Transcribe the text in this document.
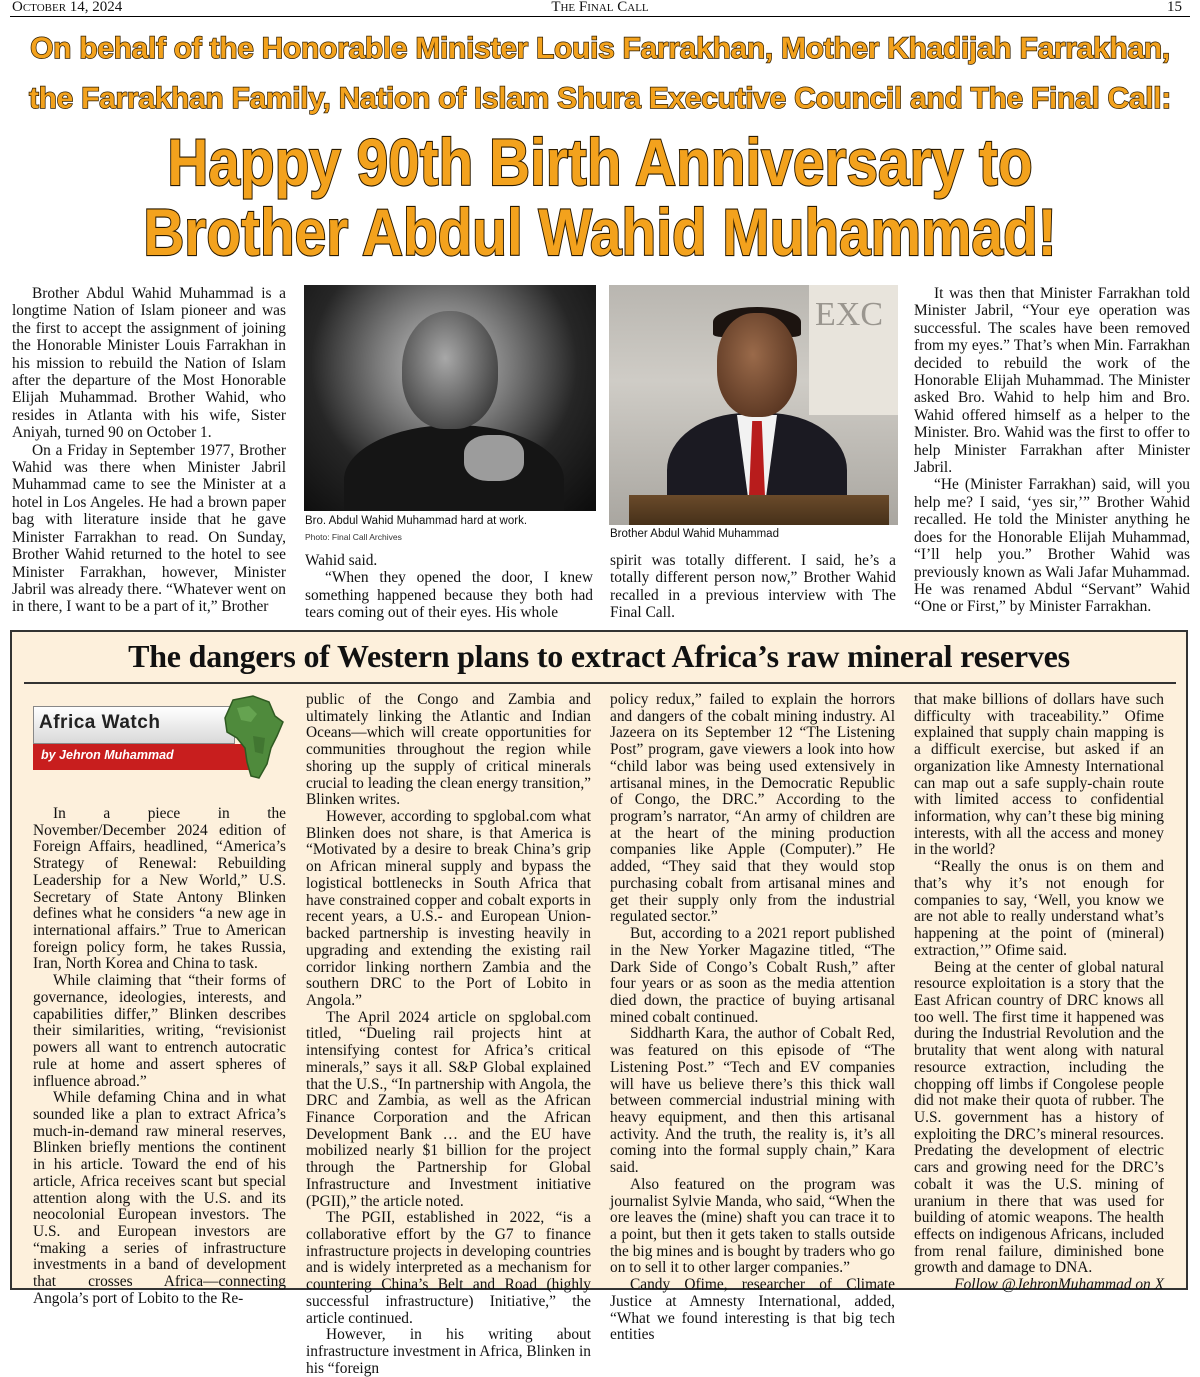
October 14, 2024	The Final Call	15
On behalf of the Honorable Minister Louis Farrakhan, Mother Khadijah Farrakhan,
the Farrakhan Family, Nation of Islam Shura Executive Council and The Final Call:
Happy 90th Birth Anniversary to
Brother Abdul Wahid Muhammad!

Brother Abdul Wahid Muhammad is a longtime Nation of Islam pioneer and was the first to accept the assignment of joining the Honorable Minister Louis Farrakhan in his mission to rebuild the Nation of Islam after the departure of the Most Honorable Elijah Muhammad. Brother Wahid, who resides in Atlanta with his wife, Sister Aniyah, turned 90 on October 1.

On a Friday in September 1977, Brother Wahid was there when Minister Jabril Muhammad came to see the Minister at a hotel in Los Angeles. He had a brown paper bag with literature inside that he gave Minister Farrakhan to read. On Sunday, Brother Wahid returned to the hotel to see Minister Farrakhan, however, Minister Jabril was already there. “Whatever went on in there, I want to be a part of it,” Brother

Bro. Abdul Wahid Muhammad hard at work.
Photo: Final Call Archives

Wahid said.

“When they opened the door, I knew something happened because they both had tears coming out of their eyes. His whole

EXC
Brother Abdul Wahid Muhammad

spirit was totally different. I said, he’s a totally different person now,” Brother Wahid recalled in a previous interview with The Final Call.

It was then that Minister Farrakhan told Minister Jabril, “Your eye operation was successful. The scales have been removed from my eyes.” That’s when Min. Farrakhan decided to rebuild the work of the Honorable Elijah Muhammad. The Minister asked Bro. Wahid to help him and Bro. Wahid offered himself as a helper to the Minister. Bro. Wahid was the first to offer to help Minister Farrakhan after Minister Jabril.

“He (Minister Farrakhan) said, will you help me? I said, ‘yes sir,’” Brother Wahid recalled. He told the Minister anything he does for the Honorable Elijah Muhammad, “I’ll help you.” Brother Wahid was previously known as Wali Jafar Muhammad. He was renamed Abdul “Servant” Wahid “One or First,” by Minister Farrakhan.

The dangers of Western plans to extract Africa’s raw mineral reserves
Africa Watch
by Jehron Muhammad

In a piece in the November/December 2024 edition of Foreign Affairs, headlined, “America’s Strategy of Renewal: Rebuilding Leadership for a New World,” U.S. Secretary of State Antony Blinken defines what he considers “a new age in international affairs.” True to American foreign policy form, he takes Russia, Iran, North Korea and China to task.

While claiming that “their forms of governance, ideologies, interests, and capabilities differ,” Blinken describes their similarities, writing, “revisionist powers all want to entrench autocratic rule at home and assert spheres of influence abroad.”

While defaming China and in what sounded like a plan to extract Africa’s much-in-demand raw mineral reserves, Blinken briefly mentions the continent in his article. Toward the end of his article, Africa receives scant but special attention along with the U.S. and its neocolonial European investors. The U.S. and European investors are “making a series of infrastructure investments in a band of development that crosses Africa—connecting Angola’s port of Lobito to the Re-

public of the Congo and Zambia and ultimately linking the Atlantic and Indian Oceans—which will create opportunities for communities throughout the region while shoring up the supply of critical minerals crucial to leading the clean energy transition,” Blinken writes.

However, according to spglobal.com what Blinken does not share, is that America is “Motivated by a desire to break China’s grip on African mineral supply and bypass the logistical bottlenecks in South Africa that have constrained copper and cobalt exports in recent years, a U.S.- and European Union-backed partnership is investing heavily in upgrading and extending the existing rail corridor linking northern Zambia and the southern DRC to the Port of Lobito in Angola.”

The April 2024 article on spglobal.com titled, “Dueling rail projects hint at intensifying contest for Africa’s critical minerals,” says it all. S&P Global explained that the U.S., “In partnership with Angola, the DRC and Zambia, as well as the African Finance Corporation and the African Development Bank … and the EU have mobilized nearly $1 billion for the project through the Partnership for Global Infrastructure and Investment initiative (PGII),” the article noted.

The PGII, established in 2022, “is a collaborative effort by the G7 to finance infrastructure projects in developing countries and is widely interpreted as a mechanism for countering China’s Belt and Road (highly successful infrastructure) Initiative,” the article continued.

However, in his writing about infrastructure investment in Africa, Blinken in his “foreign

policy redux,” failed to explain the horrors and dangers of the cobalt mining industry. Al Jazeera on its September 12 “The Listening Post” program, gave viewers a look into how “child labor was being used extensively in artisanal mines, in the Democratic Republic of Congo, the DRC.” According to the program’s narrator, “An army of children are at the heart of the mining production companies like Apple (Computer).” He added, “They said that they would stop purchasing cobalt from artisanal mines and get their supply only from the industrial regulated sector.”

But, according to a 2021 report published in the New Yorker Magazine titled, “The Dark Side of Congo’s Cobalt Rush,” after four years or as soon as the media attention died down, the practice of buying artisanal mined cobalt continued.

Siddharth Kara, the author of Cobalt Red, was featured on this episode of “The Listening Post.” “Tech and EV companies will have us believe there’s this thick wall between commercial industrial mining with heavy equipment, and then this artisanal activity. And the truth, the reality is, it’s all coming into the formal supply chain,” Kara said.

Also featured on the program was journalist Sylvie Manda, who said, “When the ore leaves the (mine) shaft you can trace it to a point, but then it gets taken to stalls outside the big mines and is bought by traders who go on to sell it to other larger companies.”

Candy Ofime, researcher of Climate Justice at Amnesty International, added, “What we found interesting is that big tech entities

that make billions of dollars have such difficulty with traceability.” Ofime explained that supply chain mapping is a difficult exercise, but asked if an organization like Amnesty International can map out a safe supply-chain route with limited access to confidential information, why can’t these big mining interests, with all the access and money in the world?

“Really the onus is on them and that’s why it’s not enough for companies to say, ‘Well, you know we are not able to really understand what’s happening at the point of (mineral) extraction,’” Ofime said.

Being at the center of global natural resource exploitation is a story that the East African country of DRC knows all too well. The first time it happened was during the Industrial Revolution and the brutality that went along with natural resource extraction, including the chopping off limbs if Congolese people did not make their quota of rubber. The U.S. government has a history of exploiting the DRC’s mineral resources. Predating the development of electric cars and growing need for the DRC’s cobalt it was the U.S. mining of uranium in there that was used for building of atomic weapons. The health effects on indigenous Africans, included from renal failure, diminished bone growth and damage to DNA.

Follow @JehronMuhammad on X
